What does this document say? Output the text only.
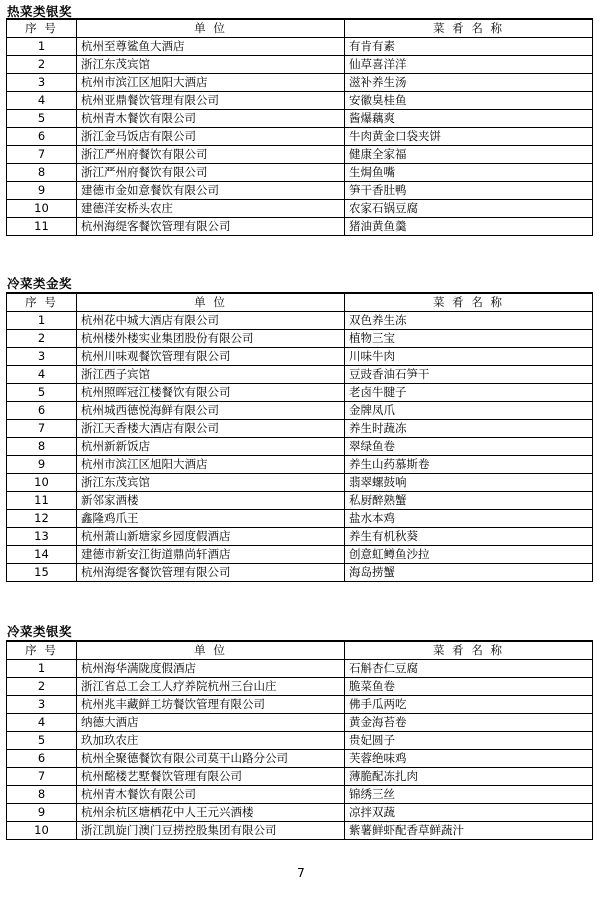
热菜类银奖
序 号	单 位	菜 肴 名 称
1	杭州至尊鲨鱼大酒店	有肯有素
2	浙江东茂宾馆	仙草喜洋洋
3	杭州市滨江区旭阳大酒店	滋补养生汤
4	杭州亚鼎餐饮管理有限公司	安徽臭桂鱼
5	杭州青木餐饮有限公司	酱爆藕爽
6	浙江金马饭店有限公司	牛肉黄金口袋夹饼
7	浙江严州府餐饮有限公司	健康全家福
8	浙江严州府餐饮有限公司	生焗鱼嘴
9	建德市金如意餐饮有限公司	笋干香肚鸭
10	建德洋安桥头农庄	农家石锅豆腐
11	杭州海缇客餐饮管理有限公司	猪油黄鱼羹
冷菜类金奖
序 号	单 位	菜 肴 名 称
1	杭州花中城大酒店有限公司	双色养生冻
2	杭州楼外楼实业集团股份有限公司	植物三宝
3	杭州川味观餐饮管理有限公司	川味牛肉
4	浙江西子宾馆	豆豉香油石笋干
5	杭州照晖冠江楼餐饮有限公司	老卤牛腱子
6	杭州城西德悦海鲜有限公司	金牌凤爪
7	浙江天香楼大酒店有限公司	养生时蔬冻
8	杭州新新饭店	翠绿鱼卷
9	杭州市滨江区旭阳大酒店	养生山药慕斯卷
10	浙江东茂宾馆	翡翠螺鼓响
11	新邻家酒楼	私厨醉熟蟹
12	鑫隆鸡爪王	盐水本鸡
13	杭州萧山新塘家乡园度假酒店	养生有机秋葵
14	建德市新安江街道鼎尚轩酒店	创意虹鳟鱼沙拉
15	杭州海缇客餐饮管理有限公司	海岛捞蟹
冷菜类银奖
序 号	单 位	菜 肴 名 称
1	杭州海华满陇度假酒店	石斛杏仁豆腐
2	浙江省总工会工人疗养院杭州三台山庄	脆菜鱼卷
3	杭州兆丰藏鲜工坊餐饮管理有限公司	佛手瓜两吃
4	纳德大酒店	黄金海苔卷
5	玖加玖农庄	贵妃圆子
6	杭州全聚德餐饮有限公司莫干山路分公司	芙蓉绝味鸡
7	杭州酩楼艺墅餐饮管理有限公司	薄脆配冻扎肉
8	杭州青木餐饮有限公司	锦绣三丝
9	杭州余杭区塘栖花中人王元兴酒楼	凉拌双蔬
10	浙江凯旋门澳门豆捞控股集团有限公司	紫薯鲜虾配香草鲜蔬汁
7
